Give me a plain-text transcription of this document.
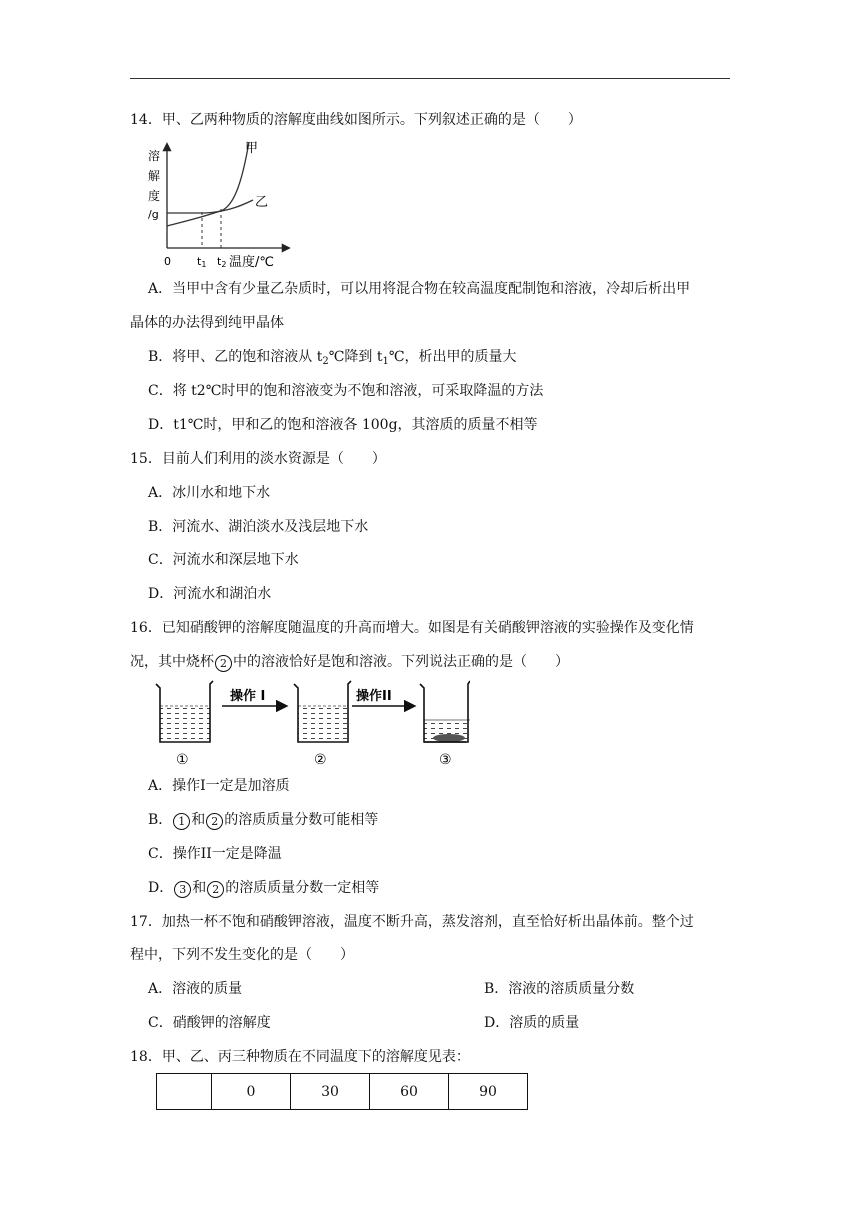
14．甲、乙两种物质的溶解度曲线如图所示。下列叙述正确的是（　　）
溶
解
度
/g
甲
乙
0 t1 t2 温度/℃
A．当甲中含有少量乙杂质时，可以用将混合物在较高温度配制饱和溶液，冷却后析出甲
晶体的办法得到纯甲晶体
B．将甲、乙的饱和溶液从 $t_2℃$降到 $t_1℃$，析出甲的质量大
C．将 t2℃时甲的饱和溶液变为不饱和溶液，可采取降温的方法
D．t1℃时，甲和乙的饱和溶液各 100g，其溶质的质量不相等
15．目前人们利用的淡水资源是（　　）
A．冰川水和地下水
B．河流水、湖泊淡水及浅层地下水
C．河流水和深层地下水
D．河流水和湖泊水
16．已知硝酸钾的溶解度随温度的升高而增大。如图是有关硝酸钾溶液的实验操作及变化情
况，其中烧杯 2 中的溶液恰好是饱和溶液。下列说法正确的是（　　）
①
操作 I
②
操作II
③
A．操作I一定是加溶质
B． 1 和 2 的溶质质量分数可能相等
C．操作II一定是降温
D． 3 和 2 的溶质质量分数一定相等
17．加热一杯不饱和硝酸钾溶液，温度不断升高，蒸发溶剂，直至恰好析出晶体前。整个过
程中，下列不发生变化的是（　　）
A．溶液的质量	B．溶液的溶质质量分数
C．硝酸钾的溶解度	D．溶质的质量
18．甲、乙、丙三种物质在不同温度下的溶解度见表：
	0	30	60	90
